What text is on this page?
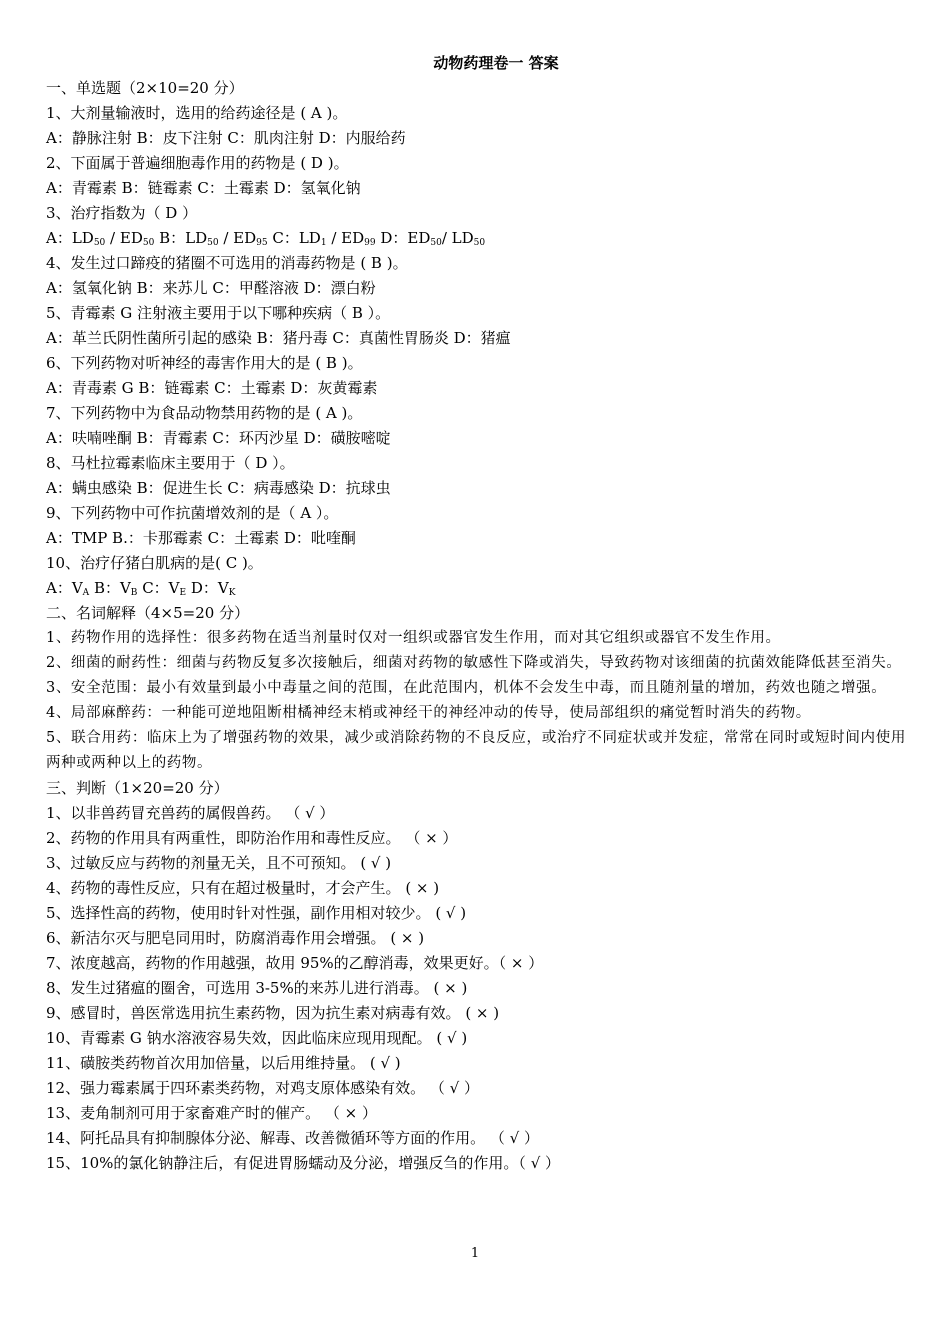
动物药理卷一 答案
一、单选题（2×10=20 分）
1、大剂量输液时，选用的给药途径是 ( A )。
A：静脉注射 B：皮下注射 C：肌肉注射 D：内服给药
2、下面属于普遍细胞毒作用的药物是 ( D )。
A：青霉素 B：链霉素 C：土霉素 D：氢氧化钠
3、治疗指数为（ D ）
A：$LD_{50} / ED_{50}$ B：$LD_{50} / ED_{95}$ C：$LD_1 / ED_{99}$ D：$ED_{50}/$ $LD_{50}$
4、发生过口蹄疫的猪圈不可选用的消毒药物是 ( B )。
A：氢氧化钠 B：来苏儿 C：甲醛溶液 D：漂白粉
5、青霉素 G 注射液主要用于以下哪种疾病（ B ）。
A：革兰氏阴性菌所引起的感染 B：猪丹毒 C：真菌性胃肠炎 D：猪瘟
6、下列药物对听神经的毒害作用大的是 ( B )。
A：青毒素 G B：链霉素 C：土霉素 D：灰黄霉素
7、下列药物中为食品动物禁用药物的是 ( A )。
A：呋喃唑酮 B：青霉素 C：环丙沙星 D：磺胺嘧啶
8、马杜拉霉素临床主要用于（ D ）。
A：螨虫感染 B：促进生长 C：病毒感染 D：抗球虫
9、下列药物中可作抗菌增效剂的是（ A ）。
A：TMP B.：卡那霉素 C：土霉素 D：吡喹酮
10、治疗仔猪白肌病的是( C )。
A：$V_A$ B：$V_B$ C：$V_E$ D：$V_K$
二、名词解释（4×5=20 分）
1、药物作用的选择性：很多药物在适当剂量时仅对一组织或器官发生作用，而对其它组织或器官不发生作用。
2、细菌的耐药性：细菌与药物反复多次接触后，细菌对药物的敏感性下降或消失，导致药物对该细菌的抗菌效能降低甚至消失。
3、安全范围：最小有效量到最小中毒量之间的范围，在此范围内，机体不会发生中毒，而且随剂量的增加，药效也随之增强。
4、局部麻醉药：一种能可逆地阻断柑橘神经末梢或神经干的神经冲动的传导，使局部组织的痛觉暂时消失的药物。
5、联合用药：临床上为了增强药物的效果，减少或消除药物的不良反应，或治疗不同症状或并发症，常常在同时或短时间内使用两种或两种以上的药物。
三、判断（1×20=20 分）
1、以非兽药冒充兽药的属假兽药。 （ √ ）
2、药物的作用具有两重性，即防治作用和毒性反应。 （ × ）
3、过敏反应与药物的剂量无关，且不可预知。 ( √ )
4、药物的毒性反应，只有在超过极量时，才会产生。 ( × )
5、选择性高的药物，使用时针对性强，副作用相对较少。 ( √ )
6、新洁尔灭与肥皂同用时，防腐消毒作用会增强。 ( × )
7、浓度越高，药物的作用越强，故用 95%的乙醇消毒，效果更好。（ × ）
8、发生过猪瘟的圈舍，可选用 3-5%的来苏儿进行消毒。 ( × )
9、感冒时，兽医常选用抗生素药物，因为抗生素对病毒有效。 ( × )
10、青霉素 G 钠水溶液容易失效，因此临床应现用现配。 ( √ )
11、磺胺类药物首次用加倍量，以后用维持量。 ( √ )
12、强力霉素属于四环素类药物，对鸡支原体感染有效。 （ √ ）
13、麦角制剂可用于家畜难产时的催产。 （ × ）
14、阿托品具有抑制腺体分泌、解毒、改善微循环等方面的作用。 （ √ ）
15、10%的氯化钠静注后，有促进胃肠蠕动及分泌，增强反刍的作用。（ √ ）
1
